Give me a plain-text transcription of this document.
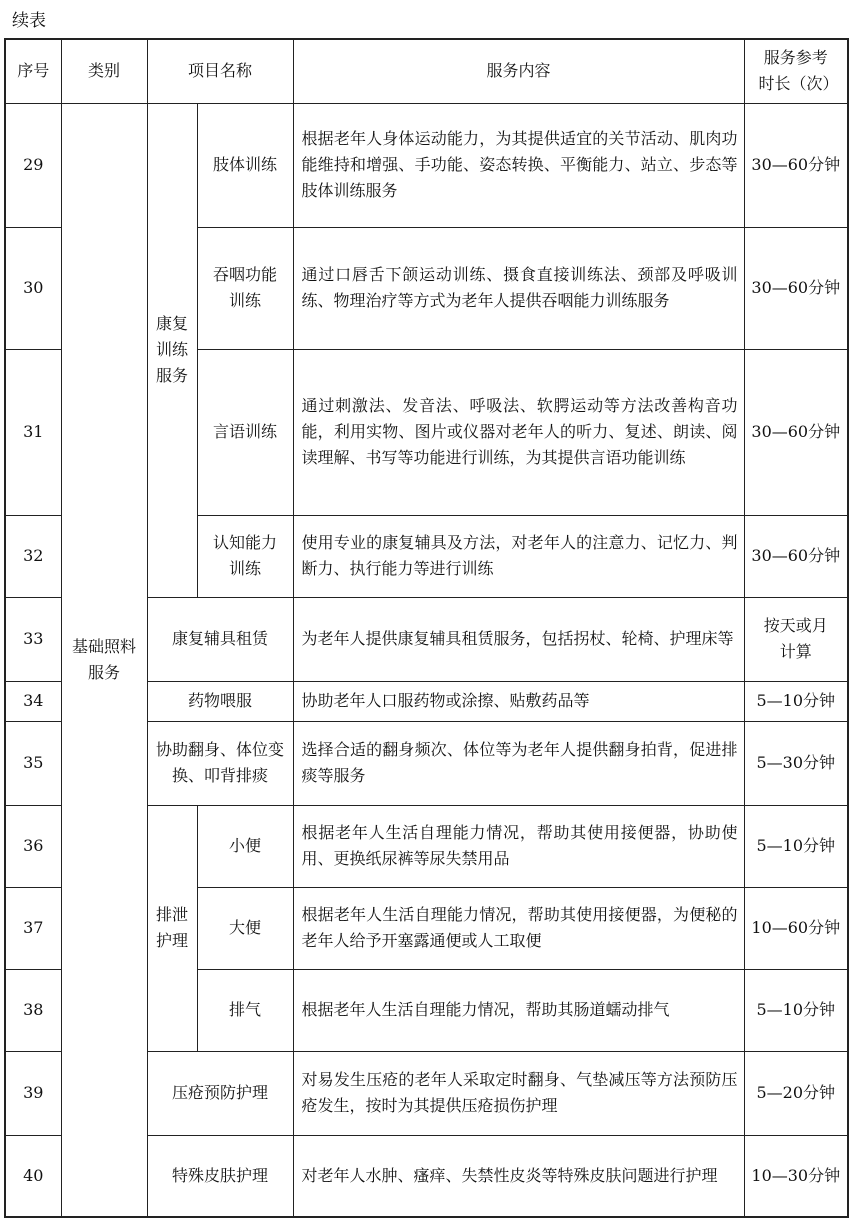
续表
序号	类别	项目名称		服务内容	服务参考时长（次）
29	基础照料服务	康复训练服务	肢体训练	根据老年人身体运动能力，为其提供适宜的关节活动、肌肉功能维持和增强、手功能、姿态转换、平衡能力、站立、步态等肢体训练服务	30—60分钟
30			吞咽功能训练	通过口唇舌下颌运动训练、摄食直接训练法、颈部及呼吸训练、物理治疗等方式为老年人提供吞咽能力训练服务	30—60分钟
31			言语训练	通过刺激法、发音法、呼吸法、软腭运动等方法改善构音功能，利用实物、图片或仪器对老年人的听力、复述、朗读、阅读理解、书写等功能进行训练，为其提供言语功能训练	30—60分钟
32			认知能力训练	使用专业的康复辅具及方法，对老年人的注意力、记忆力、判断力、执行能力等进行训练	30—60分钟
33		康复辅具租赁		为老年人提供康复辅具租赁服务，包括拐杖、轮椅、护理床等	按天或月计算
34		药物喂服		协助老年人口服药物或涂擦、贴敷药品等	5—10分钟
35		协助翻身、体位变换、叩背排痰		选择合适的翻身频次、体位等为老年人提供翻身拍背，促进排痰等服务	5—30分钟
36		排泄护理	小便	根据老年人生活自理能力情况，帮助其使用接便器，协助使用、更换纸尿裤等尿失禁用品	5—10分钟
37			大便	根据老年人生活自理能力情况，帮助其使用接便器，为便秘的老年人给予开塞露通便或人工取便	10—60分钟
38			排气	根据老年人生活自理能力情况，帮助其肠道蠕动排气	5—10分钟
39		压疮预防护理		对易发生压疮的老年人采取定时翻身、气垫减压等方法预防压疮发生，按时为其提供压疮损伤护理	5—20分钟
40		特殊皮肤护理		对老年人水肿、瘙痒、失禁性皮炎等特殊皮肤问题进行护理	10—30分钟
